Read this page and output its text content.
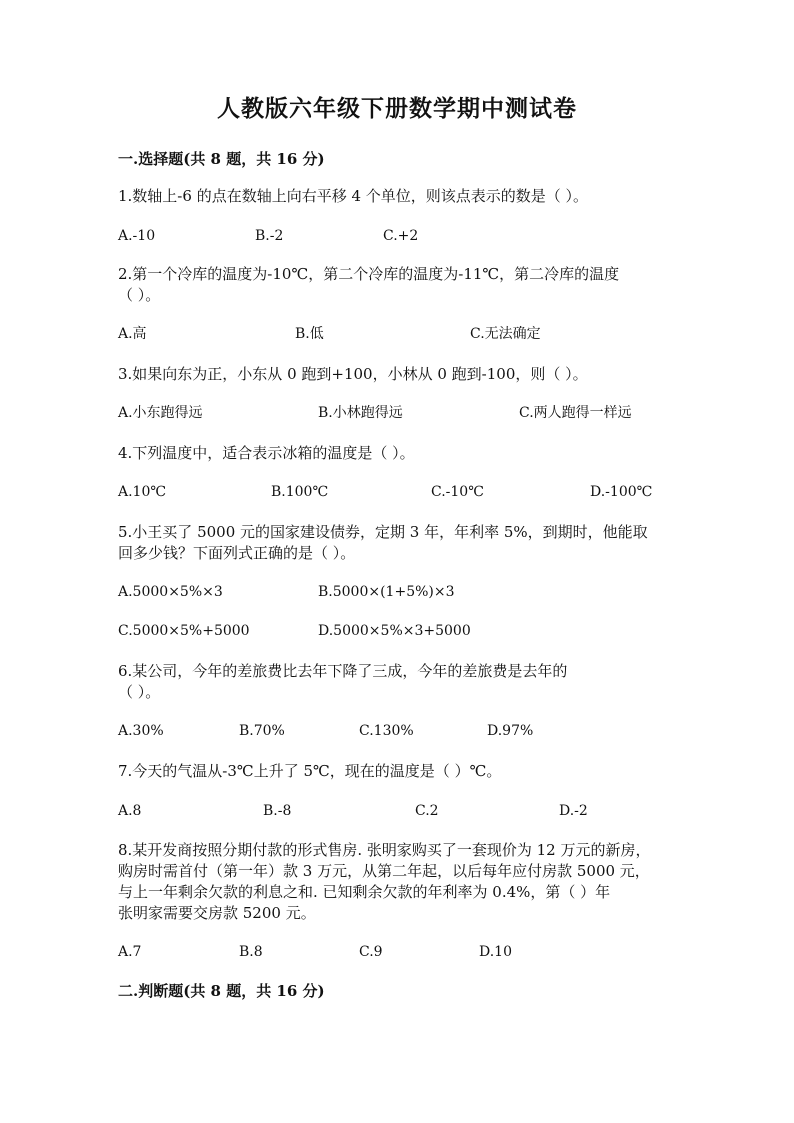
人教版六年级下册数学期中测试卷
一.选择题(共 8 题，共 16 分)
1.数轴上-6 的点在数轴上向右平移 4 个单位，则该点表示的数是（ ）。
A.-10	B.-2	C.+2
2.第一个冷库的温度为-10℃，第二个冷库的温度为-11℃，第二冷库的温度
（ ）。
A.高	B.低	C.无法确定
3.如果向东为正，小东从 0 跑到+100，小林从 0 跑到-100，则（ ）。
A.小东跑得远	B.小林跑得远	C.两人跑得一样远
4.下列温度中，适合表示冰箱的温度是（ ）。
A.10℃	B.100℃	C.-10℃	D.-100℃
5.小王买了 5000 元的国家建设债券，定期 3 年，年利率 5%，到期时，他能取
回多少钱？下面列式正确的是（ ）。
A.5000×5%×3	B.5000×(1+5%)×3
C.5000×5%+5000	D.5000×5%×3+5000
6.某公司，今年的差旅费比去年下降了三成，今年的差旅费是去年的
（ ）。
A.30%	B.70%	C.130%	D.97%
7.今天的气温从-3℃上升了 5℃，现在的温度是（ ）℃。
A.8	B.-8	C.2	D.-2
8.某开发商按照分期付款的形式售房. 张明家购买了一套现价为 12 万元的新房，
购房时需首付（第一年）款 3 万元，从第二年起，以后每年应付房款 5000 元，
与上一年剩余欠款的利息之和. 已知剩余欠款的年利率为 0.4%，第（ ）年
张明家需要交房款 5200 元。
A.7	B.8	C.9	D.10
二.判断题(共 8 题，共 16 分)
